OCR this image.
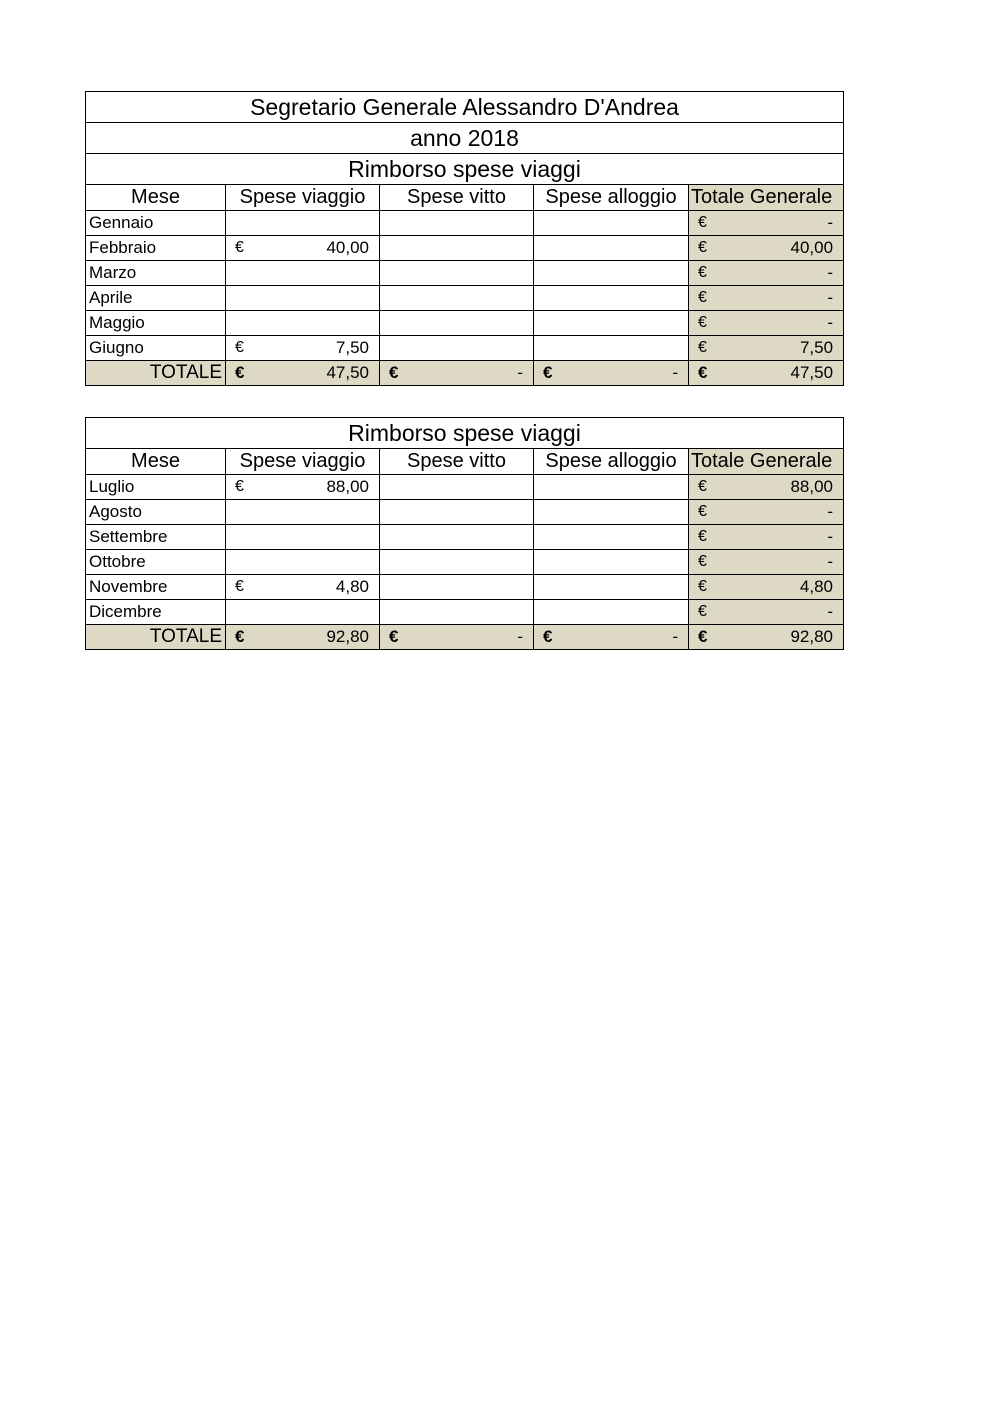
Segretario Generale Alessandro D'Andrea				
anno 2018				
Rimborso spese viaggi				
Mese	Spese viaggio	Spese vitto	Spese alloggio	Totale Generale
Gennaio				€ -

Febbraio	€ 40,00			€ 40,00

Marzo				€ -

Aprile				€ -

Maggio				€ -

Giugno	€ 7,50			€ 7,50

TOTALE	€ 47,50	€ -	€ -	€ 47,50
Rimborso spese viaggi				
Mese	Spese viaggio	Spese vitto	Spese alloggio	Totale Generale
Luglio	€ 88,00			€ 88,00

Agosto				€ -

Settembre				€ -

Ottobre				€ -

Novembre	€ 4,80			€ 4,80

Dicembre				€ -

TOTALE	€ 92,80	€ -	€ -	€ 92,80
